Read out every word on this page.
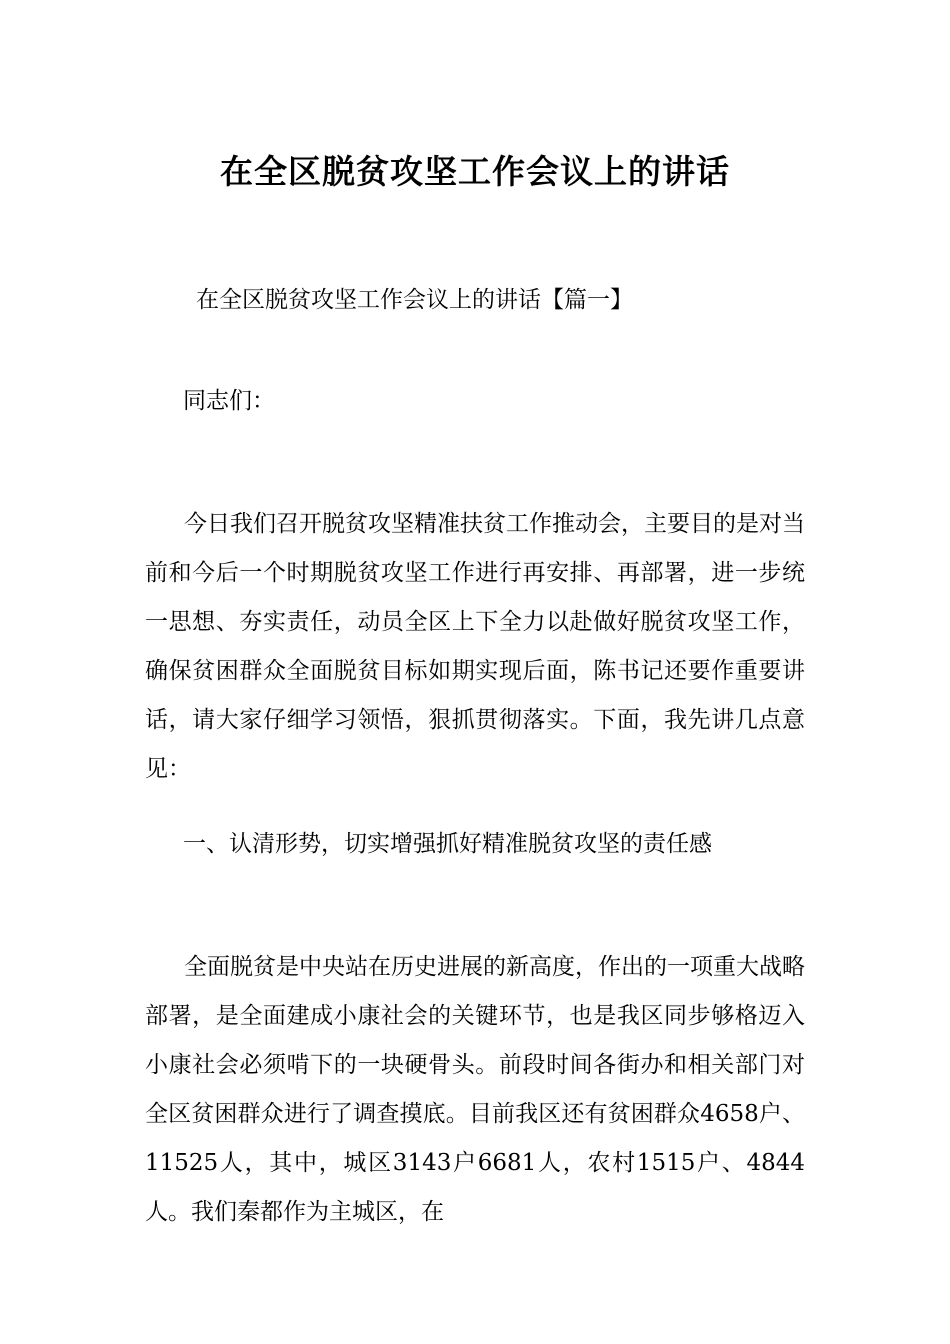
在全区脱贫攻坚工作会议上的讲话
在全区脱贫攻坚工作会议上的讲话【篇一】
同志们：

今日我们召开脱贫攻坚精准扶贫工作推动会，主要目的是对当前和今后一个时期脱贫攻坚工作进行再安排、再部署，进一步统一思想、夯实责任，动员全区上下全力以赴做好脱贫攻坚工作，确保贫困群众全面脱贫目标如期实现后面，陈书记还要作重要讲话，请大家仔细学习领悟，狠抓贯彻落实。下面，我先讲几点意见：

一、认清形势，切实增强抓好精准脱贫攻坚的责任感

全面脱贫是中央站在历史进展的新高度，作出的一项重大战略部署，是全面建成小康社会的关键环节，也是我区同步够格迈入小康社会必须啃下的一块硬骨头。前段时间各街办和相关部门对全区贫困群众进行了调查摸底。目前我区还有贫困群众4658户、11525人，其中，城区3143户6681人，农村1515户、4844人。我们秦都作为主城区，在
